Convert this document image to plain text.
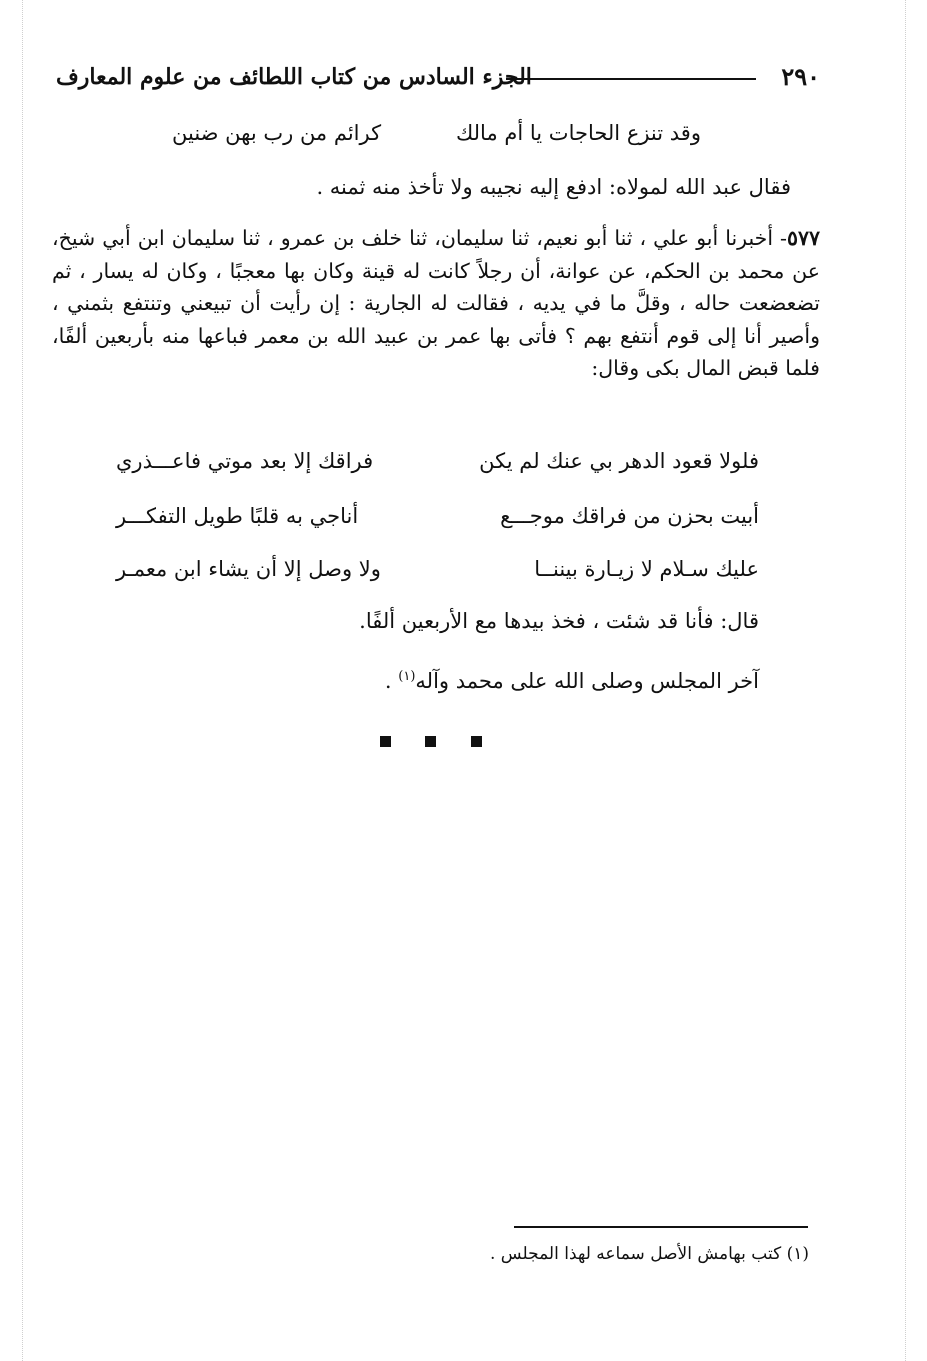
٢٩٠
الجزء السادس من كتاب اللطائف من علوم المعارف
وقد تنزع الحاجات يا أم مالك
كرائم من رب بهن ضنين
فقال عبد الله لمولاه: ادفع إليه نجيبه ولا تأخذ منه ثمنه .
٥٧٧- أخبرنا أبو علي ، ثنا أبو نعيم، ثنا سليمان، ثنا خلف بن عمرو ، ثنا سليمان ابن أبي شيخ، عن محمد بن الحكم، عن عوانة، أن رجلاً كانت له قينة وكان بها معجبًا ، وكان له يسار ، ثم تضعضعت حاله ، وقلَّ ما في يديه ، فقالت له الجارية : إن رأيت أن تبيعني وتنتفع بثمني ، وأصير أنا إلى قوم أنتفع بهم ؟ فأتى بها عمر بن عبيد الله بن معمر فباعها منه بأربعين ألفًا، فلما قبض المال بكى وقال:
فلولا قعود الدهر بي عنك لم يكن
فراقك إلا بعد موتي فاعـــذري
أبيت بحزن من فراقك موجـــع
أناجي به قلبًا طويل التفكـــر
عليك سـلام لا زيـارة بيننــا
ولا وصل إلا أن يشاء ابن معمـر
قال: فأنا قد شئت ، فخذ بيدها مع الأربعين ألفًا.
آخر المجلس وصلى الله على محمد وآله$^{(١)}$ .
(١) كتب بهامش الأصل سماعه لهذا المجلس .
